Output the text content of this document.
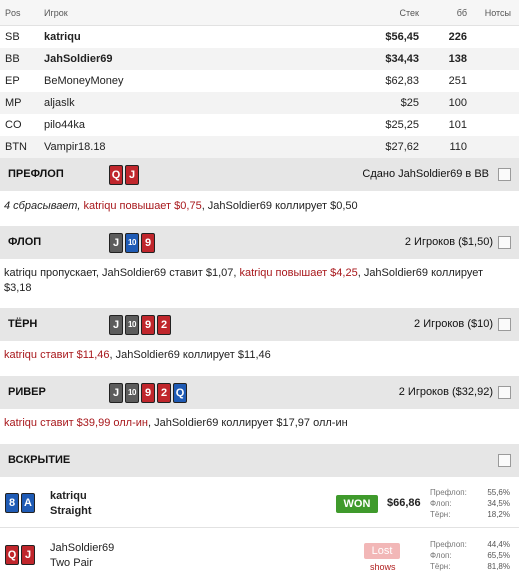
Pos	Игрок	Стек	бб Нотсы
SB katriqu	$56,45	226
BB JahSoldier69	$34,43	138
EP BeMoneyMoney	$62,83	251
MP aljaslk	$25	100
CO pilo44ka	$25,25	101
BTN Vampir18.18	$27,62	110
ПРЕФЛОП	Q J	Сдано JahSoldier69 в BB
4 сбрасывает, katriqu повышает $0,75, JahSoldier69 коллирует $0,50
ФЛОП	J	10 9	2 Игроков ($1,50)
katriqu пропускает, JahSoldier69 ставит $1,07, katriqu повышает $4,25, JahSoldier69 коллирует $3,18
ТЁРН	J	10 9 2	2 Игроков ($10)
katriqu ставит $11,46, JahSoldier69 коллирует $11,46
РИВЕР	J	10 9 2 Q	2 Игроков ($32,92)
katriqu ставит $39,99 олл-ин, JahSoldier69 коллирует $17,97 олл-ин
ВСКРЫТИЕ
8 A
katriqu
Straight
WON	$66,86
Префлоп:	55,6%
Флоп:	34,5%
Тёрн:	18,2%
Q J
JahSoldier69
Two Pair
Lost
shows
Префлоп:	44,4%
Флоп:	65,5%
Тёрн:	81,8%
